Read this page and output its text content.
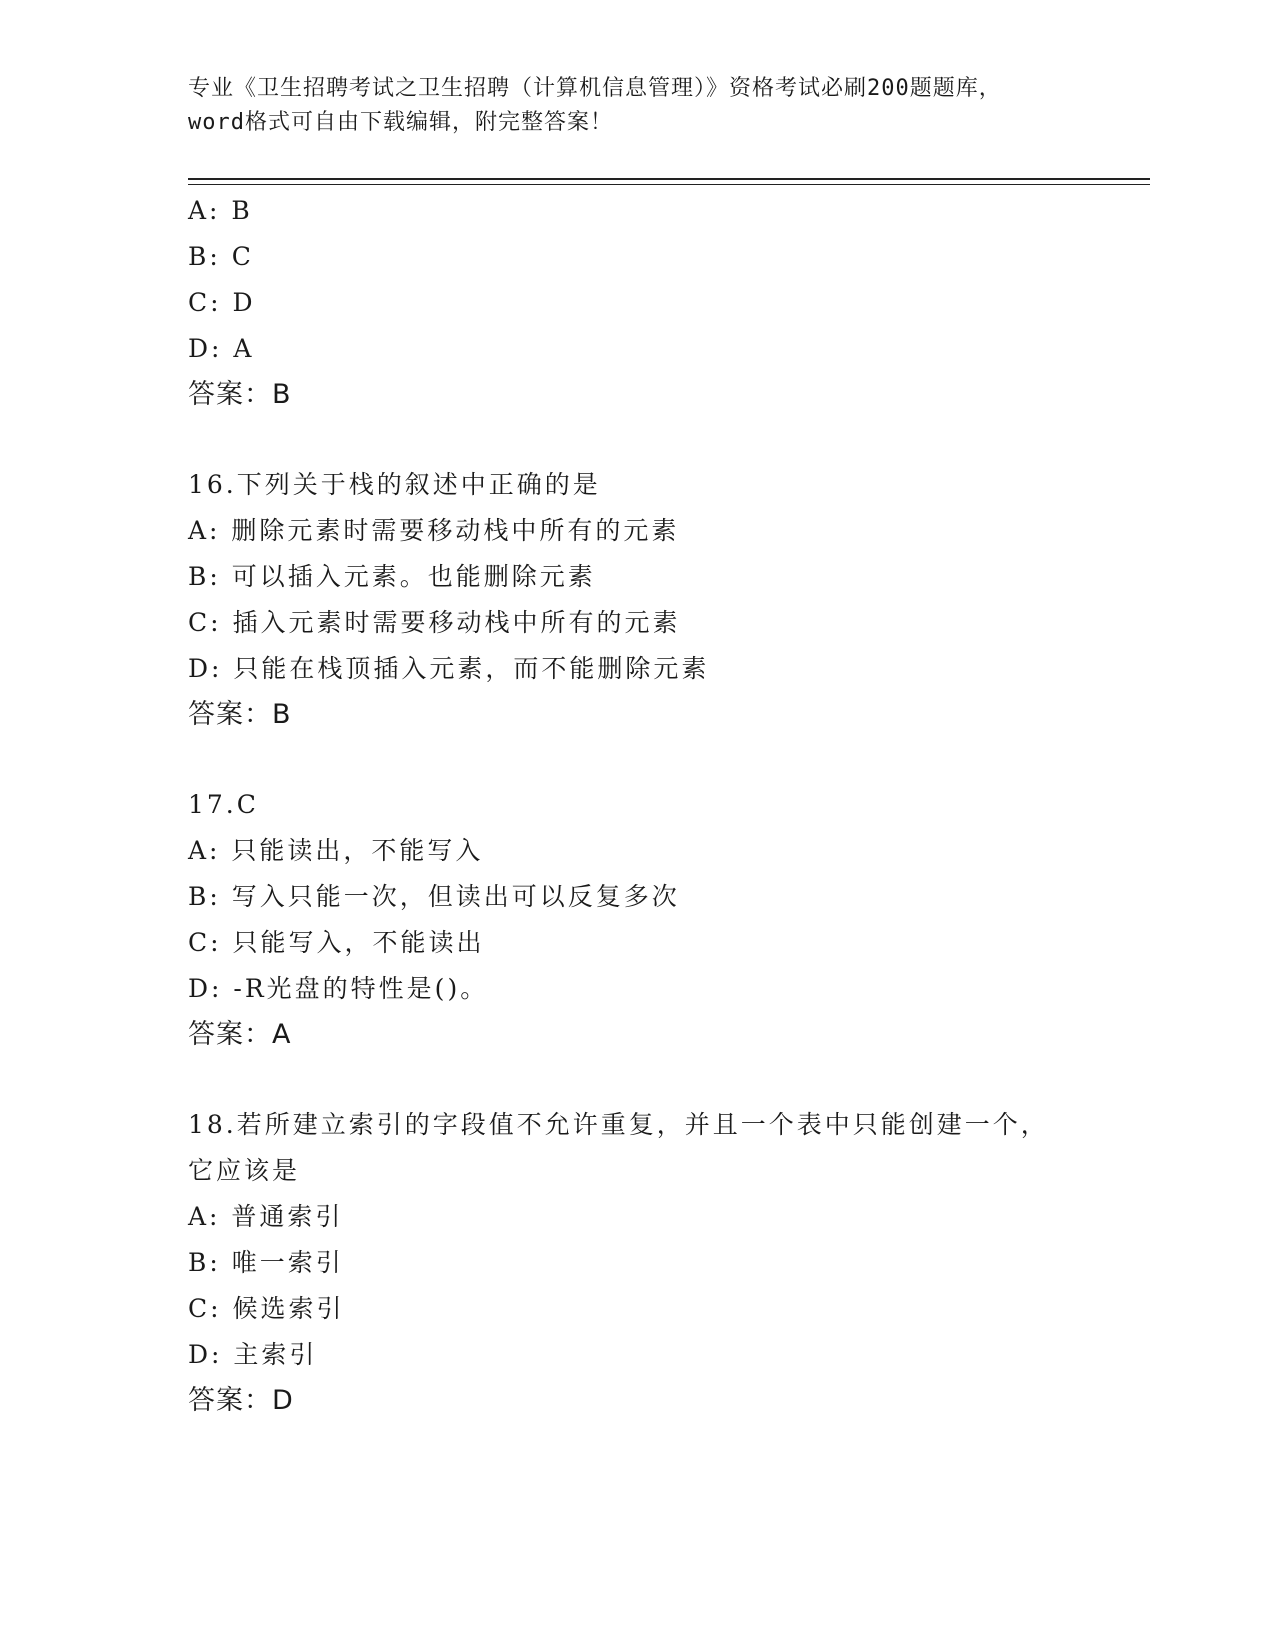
专业《卫生招聘考试之卫生招聘（计算机信息管理）》资格考试必刷200题题库，
word格式可自由下载编辑，附完整答案！
A: B
B: C
C: D
D: A
答案：B
16.下列关于栈的叙述中正确的是
A: 删除元素时需要移动栈中所有的元素
B: 可以插入元素。也能删除元素
C: 插入元素时需要移动栈中所有的元素
D: 只能在栈顶插入元素，而不能删除元素
答案：B
17.C
A: 只能读出，不能写入
B: 写入只能一次，但读出可以反复多次
C: 只能写入，不能读出
D: -R光盘的特性是()。
答案：A
18.若所建立索引的字段值不允许重复，并且一个表中只能创建一个，
它应该是
A: 普通索引
B: 唯一索引
C: 候选索引
D: 主索引
答案：D
